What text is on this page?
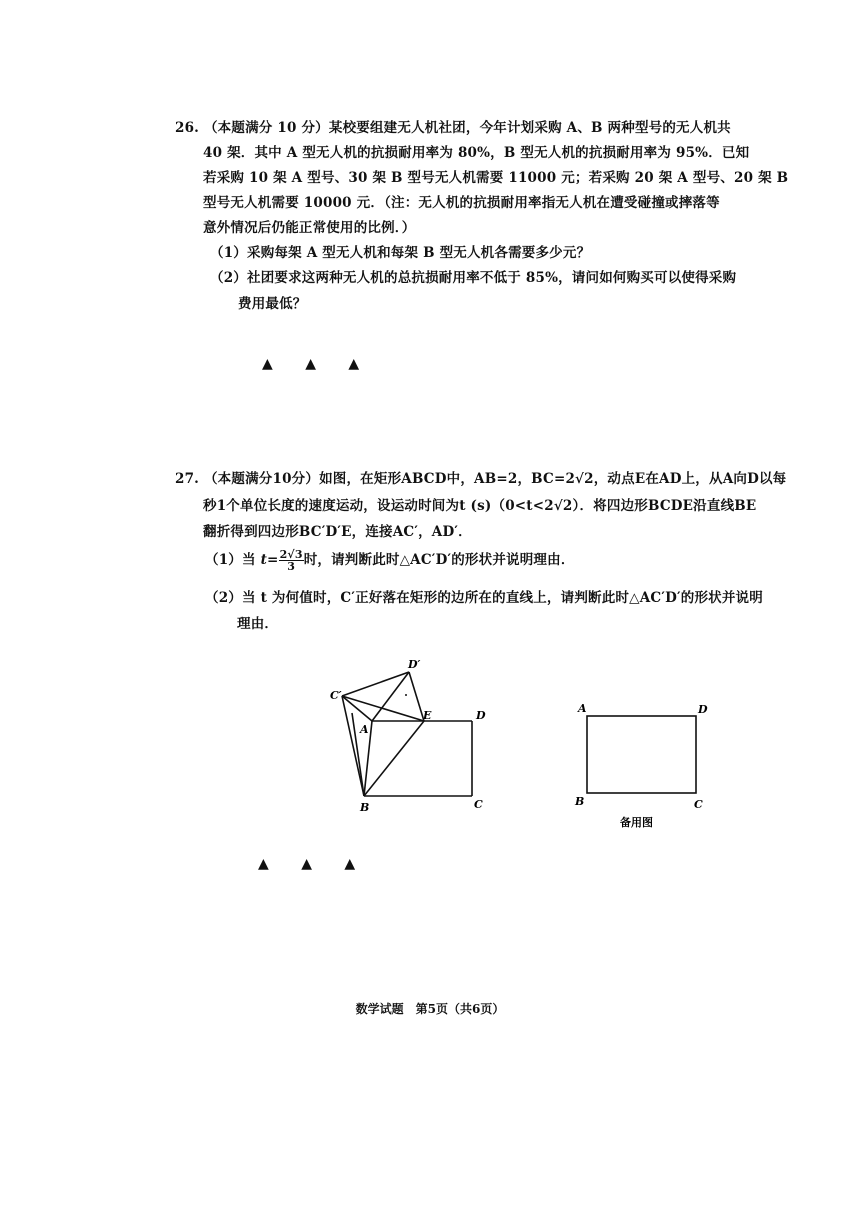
26. （本题满分 10 分）某校要组建无人机社团，今年计划采购 A、B 两种型号的无人机共
40 架．其中 A 型无人机的抗损耐用率为 80%，B 型无人机的抗损耐用率为 95%．已知
若采购 10 架 A 型号、30 架 B 型号无人机需要 11000 元；若采购 20 架 A 型号、20 架 B
型号无人机需要 10000 元．（注：无人机的抗损耐用率指无人机在遭受碰撞或摔落等
意外情况后仍能正常使用的比例．）
（1）采购每架 A 型无人机和每架 B 型无人机各需要多少元？
（2）社团要求这两种无人机的总抗损耐用率不低于 85%，请问如何购买可以使得采购
费用最低？
▲ ▲ ▲
27. （本题满分10分）如图，在矩形ABCD中，AB=2，BC=2√2，动点E在AD上，从A向D以每
秒1个单位长度的速度运动，设运动时间为t (s)（0<t<2√2）．将四边形BCDE沿直线BE
翻折得到四边形BC′D′E，连接AC′，AD′．
（1）当 $t= \frac{2√3}{3}$ 时，请判断此时△AC′D′的形状并说明理由．
（2）当 t 为何值时，C′正好落在矩形的边所在的直线上，请判断此时△AC′D′的形状并说明
理由．
C′
D′
A
E	D
B	C
A	D
B	C
备用图
▲ ▲ ▲
数学试题　第5页（共6页）
